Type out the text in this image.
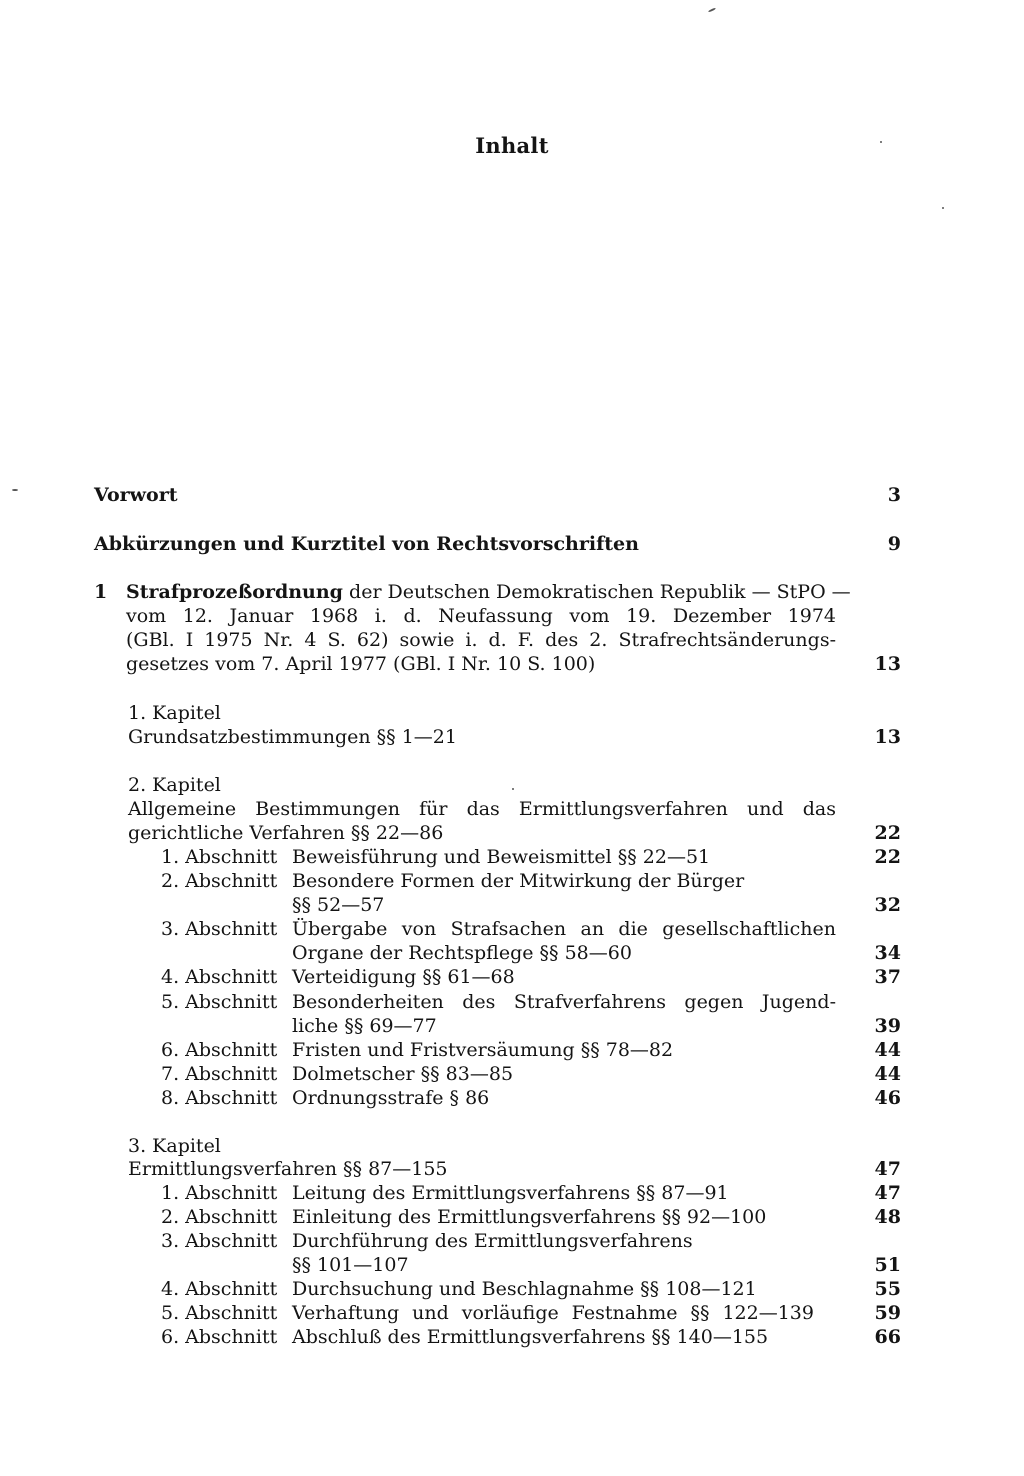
Inhalt
Vorwort	3
Abkürzungen und Kurztitel von Rechtsvorschriften	9
1 Strafprozeßordnung der Deutschen Demokratischen Republik — StPO —
vom 12. Januar 1968 i. d. Neufassung vom 19. Dezember 1974
(GBl. I 1975 Nr. 4 S. 62) sowie i. d. F. des 2. Strafrechtsänderungs-
gesetzes vom 7. April 1977 (GBl. I Nr. 10 S. 100)	13
1. Kapitel
Grundsatzbestimmungen §§ 1—21	13
2. Kapitel
Allgemeine Bestimmungen für das Ermittlungsverfahren und das
gerichtliche Verfahren §§ 22—86	22
1. Abschnitt Beweisführung und Beweismittel §§ 22—51	22
2. Abschnitt Besondere Formen der Mitwirkung der Bürger
§§ 52—57	32
3. Abschnitt Übergabe von Strafsachen an die gesellschaftlichen
Organe der Rechtspflege §§ 58—60	34
4. Abschnitt Verteidigung §§ 61—68	37
5. Abschnitt Besonderheiten des Strafverfahrens gegen Jugend-
liche §§ 69—77	39
6. Abschnitt Fristen und Fristversäumung §§ 78—82	44
7. Abschnitt Dolmetscher §§ 83—85	44
8. Abschnitt Ordnungsstrafe § 86	46
3. Kapitel
Ermittlungsverfahren §§ 87—155	47
1. Abschnitt Leitung des Ermittlungsverfahrens §§ 87—91	47
2. Abschnitt Einleitung des Ermittlungsverfahrens §§ 92—100	48
3. Abschnitt Durchführung des Ermittlungsverfahrens
§§ 101—107	51
4. Abschnitt Durchsuchung und Beschlagnahme §§ 108—121	55
5. Abschnitt Verhaftung und vorläufige Festnahme §§ 122—139	59
6. Abschnitt Abschluß des Ermittlungsverfahrens §§ 140—155	66
